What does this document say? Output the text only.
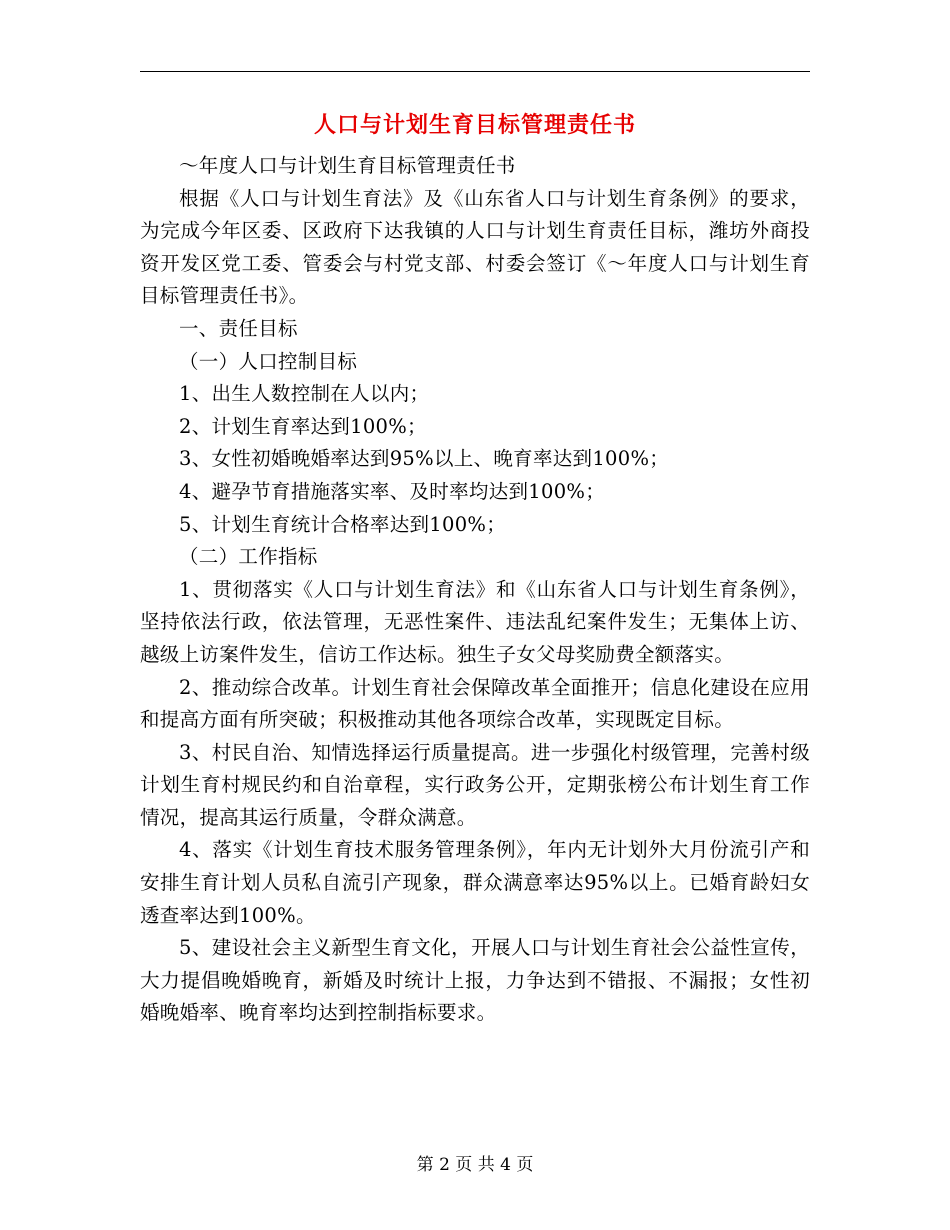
人口与计划生育目标管理责任书

～年度人口与计划生育目标管理责任书

根据《人口与计划生育法》及《山东省人口与计划生育条例》的要求，为完成今年区委、区政府下达我镇的人口与计划生育责任目标，潍坊外商投资开发区党工委、管委会与村党支部、村委会签订《～年度人口与计划生育目标管理责任书》。

一、责任目标

（一）人口控制目标

1、出生人数控制在人以内；

2、计划生育率达到100%；

3、女性初婚晚婚率达到95%以上、晚育率达到100%；

4、避孕节育措施落实率、及时率均达到100%；

5、计划生育统计合格率达到100%；

（二）工作指标

1、贯彻落实《人口与计划生育法》和《山东省人口与计划生育条例》，坚持依法行政，依法管理，无恶性案件、违法乱纪案件发生；无集体上访、越级上访案件发生，信访工作达标。独生子女父母奖励费全额落实。

2、推动综合改革。计划生育社会保障改革全面推开；信息化建设在应用和提高方面有所突破；积极推动其他各项综合改革，实现既定目标。

3、村民自治、知情选择运行质量提高。进一步强化村级管理，完善村级计划生育村规民约和自治章程，实行政务公开，定期张榜公布计划生育工作情况，提高其运行质量，令群众满意。

4、落实《计划生育技术服务管理条例》，年内无计划外大月份流引产和安排生育计划人员私自流引产现象，群众满意率达95%以上。已婚育龄妇女透查率达到100%。

5、建设社会主义新型生育文化，开展人口与计划生育社会公益性宣传，大力提倡晚婚晚育，新婚及时统计上报，力争达到不错报、不漏报；女性初婚晚婚率、晚育率均达到控制指标要求。

第 2 页 共 4 页
